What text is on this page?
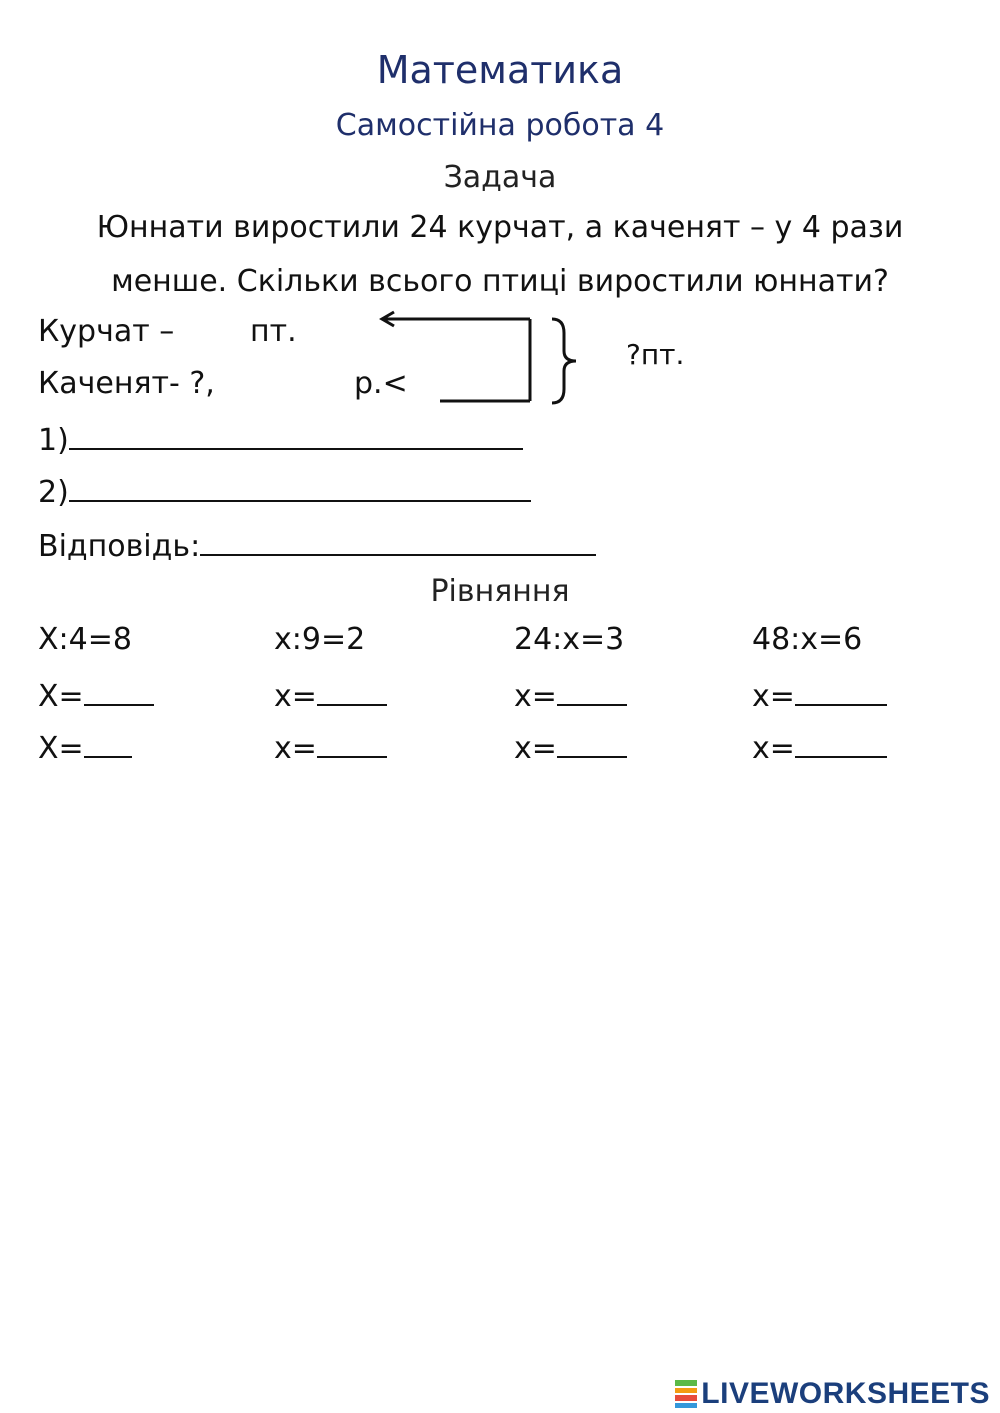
Математика
Самостійна робота 4
Задача
Юннати виростили 24 курчат, а каченят – у 4 рази
менше. Скільки всього птиці виростили юннати?
Курчат –	пт.
Каченят- ?,	р.<
?пт.
1)
2)
Відповідь:
Рівняння
Х:4=8
Х=
Х=
х:9=2
х=
х=
24:х=3
х=
х=
48:х=6
х=
х=
LIVEWORKSHEETS
